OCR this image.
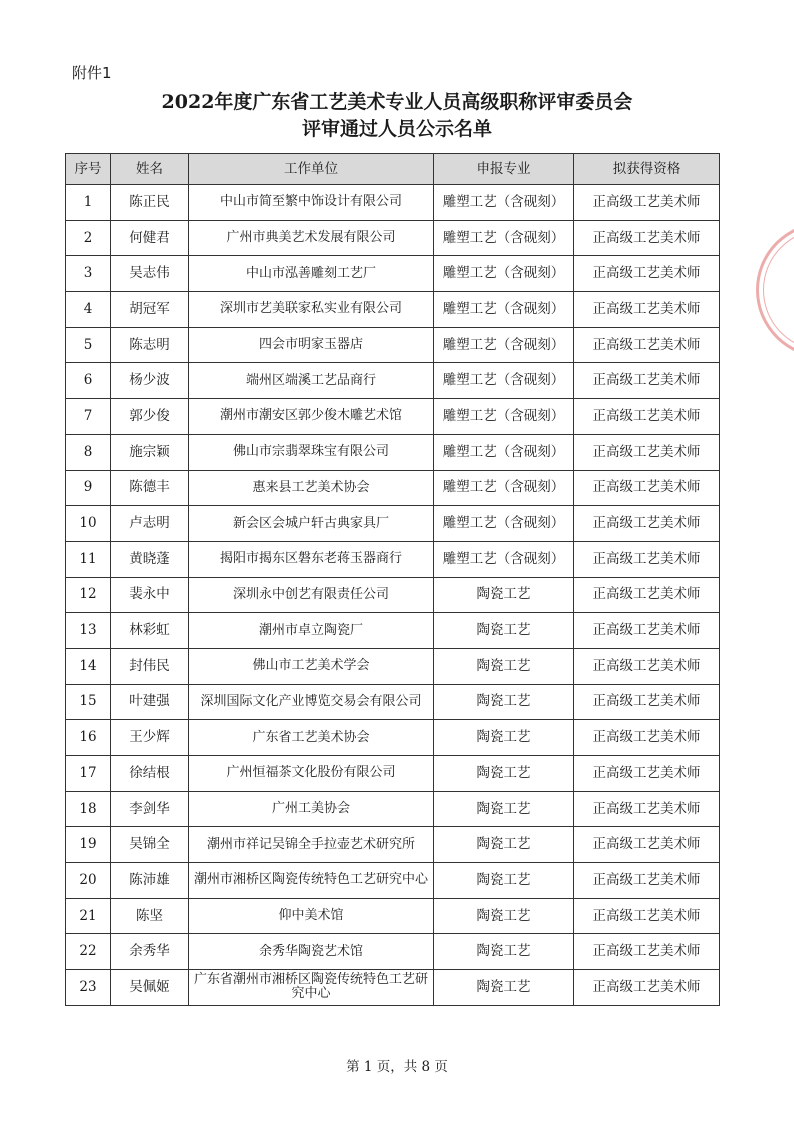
附件1
2022年度广东省工艺美术专业人员高级职称评审委员会
评审通过人员公示名单
序号	姓名	工作单位	申报专业	拟获得资格
1	陈正民	中山市简至繁中饰设计有限公司	雕塑工艺（含砚刻）	正高级工艺美术师
2	何健君	广州市典美艺术发展有限公司	雕塑工艺（含砚刻）	正高级工艺美术师
3	吴志伟	中山市泓善雕刻工艺厂	雕塑工艺（含砚刻）	正高级工艺美术师
4	胡冠军	深圳市艺美联家私实业有限公司	雕塑工艺（含砚刻）	正高级工艺美术师
5	陈志明	四会市明家玉器店	雕塑工艺（含砚刻）	正高级工艺美术师
6	杨少波	端州区端溪工艺品商行	雕塑工艺（含砚刻）	正高级工艺美术师
7	郭少俊	潮州市潮安区郭少俊木雕艺术馆	雕塑工艺（含砚刻）	正高级工艺美术师
8	施宗颖	佛山市宗翡翠珠宝有限公司	雕塑工艺（含砚刻）	正高级工艺美术师
9	陈德丰	惠来县工艺美术协会	雕塑工艺（含砚刻）	正高级工艺美术师
10	卢志明	新会区会城户轩古典家具厂	雕塑工艺（含砚刻）	正高级工艺美术师
11	黄晓蓬	揭阳市揭东区磐东老蒋玉器商行	雕塑工艺（含砚刻）	正高级工艺美术师
12	裴永中	深圳永中创艺有限责任公司	陶瓷工艺	正高级工艺美术师
13	林彩虹	潮州市卓立陶瓷厂	陶瓷工艺	正高级工艺美术师
14	封伟民	佛山市工艺美术学会	陶瓷工艺	正高级工艺美术师
15	叶建强	深圳国际文化产业博览交易会有限公司	陶瓷工艺	正高级工艺美术师
16	王少辉	广东省工艺美术协会	陶瓷工艺	正高级工艺美术师
17	徐结根	广州恒福茶文化股份有限公司	陶瓷工艺	正高级工艺美术师
18	李剑华	广州工美协会	陶瓷工艺	正高级工艺美术师
19	吴锦全	潮州市祥记吴锦全手拉壶艺术研究所	陶瓷工艺	正高级工艺美术师
20	陈沛雄	潮州市湘桥区陶瓷传统特色工艺研究中心	陶瓷工艺	正高级工艺美术师
21	陈坚	仰中美术馆	陶瓷工艺	正高级工艺美术师
22	余秀华	余秀华陶瓷艺术馆	陶瓷工艺	正高级工艺美术师
23	吴佩姬	广东省潮州市湘桥区陶瓷传统特色工艺研究中心	陶瓷工艺	正高级工艺美术师
第 1 页，共 8 页
